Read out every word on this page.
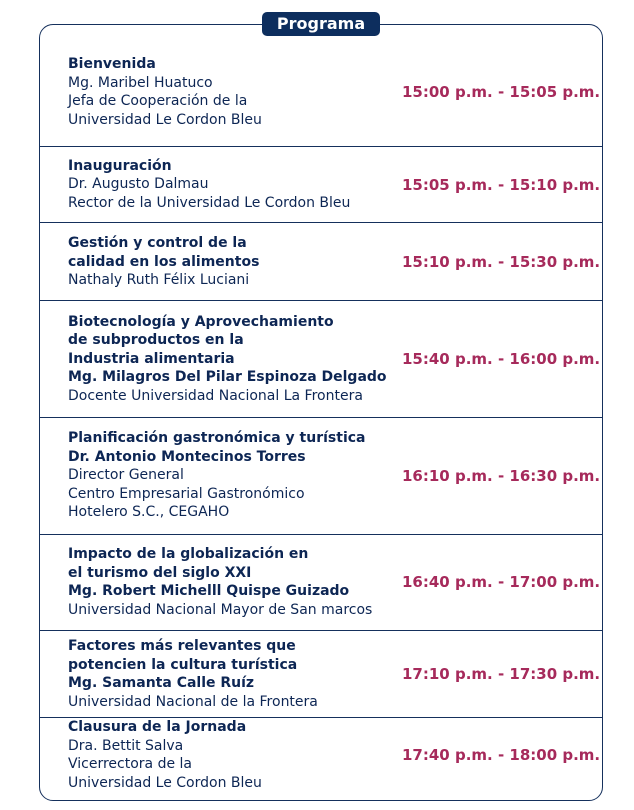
Programa
Bienvenida
Mg. Maribel Huatuco
Jefa de Cooperación de la
Universidad Le Cordon Bleu
15:00 p.m. - 15:05 p.m.
Inauguración
Dr. Augusto Dalmau
Rector de la Universidad Le Cordon Bleu
15:05 p.m. - 15:10 p.m.
Gestión y control de la
calidad en los alimentos
Nathaly Ruth Félix Luciani
15:10 p.m. - 15:30 p.m.
Biotecnología y Aprovechamiento
de subproductos en la
Industria alimentaria
Mg. Milagros Del Pilar Espinoza Delgado
Docente Universidad Nacional La Frontera
15:40 p.m. - 16:00 p.m.
Planificación gastronómica y turística
Dr. Antonio Montecinos Torres
Director General
Centro Empresarial Gastronómico
Hotelero S.C., CEGAHO
16:10 p.m. - 16:30 p.m.
Impacto de la globalización en
el turismo del siglo XXI
Mg. Robert Michelll Quispe Guizado
Universidad Nacional Mayor de San marcos
16:40 p.m. - 17:00 p.m.
Factores más relevantes que
potencien la cultura turística
Mg. Samanta Calle Ruíz
Universidad Nacional de la Frontera
17:10 p.m. - 17:30 p.m.
Clausura de la Jornada
Dra. Bettit Salva
Vicerrectora de la
Universidad Le Cordon Bleu
17:40 p.m. - 18:00 p.m.
